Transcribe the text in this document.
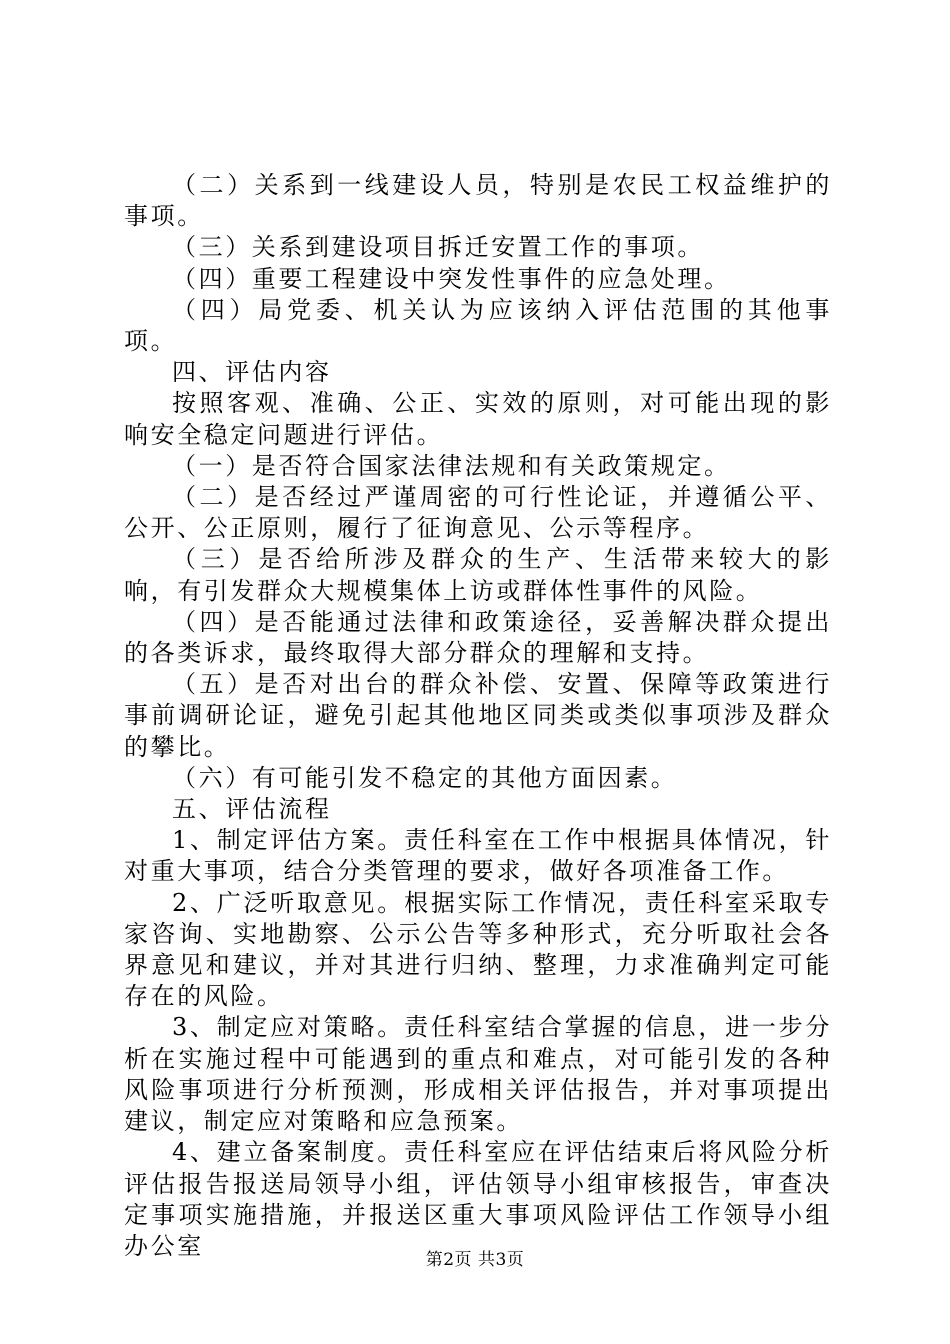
（二）关系到一线建设人员，特别是农民工权益维护的事项。

（三）关系到建设项目拆迁安置工作的事项。

（四）重要工程建设中突发性事件的应急处理。

（四）局党委、机关认为应该纳入评估范围的其他事项。

四、评估内容

按照客观、准确、公正、实效的原则，对可能出现的影响安全稳定问题进行评估。

（一）是否符合国家法律法规和有关政策规定。

（二）是否经过严谨周密的可行性论证，并遵循公平、公开、公正原则，履行了征询意见、公示等程序。

（三）是否给所涉及群众的生产、生活带来较大的影响，有引发群众大规模集体上访或群体性事件的风险。

（四）是否能通过法律和政策途径，妥善解决群众提出的各类诉求，最终取得大部分群众的理解和支持。

（五）是否对出台的群众补偿、安置、保障等政策进行事前调研论证，避免引起其他地区同类或类似事项涉及群众的攀比。

（六）有可能引发不稳定的其他方面因素。

五、评估流程

1、制定评估方案。责任科室在工作中根据具体情况，针对重大事项，结合分类管理的要求，做好各项准备工作。

2、广泛听取意见。根据实际工作情况，责任科室采取专家咨询、实地勘察、公示公告等多种形式，充分听取社会各界意见和建议，并对其进行归纳、整理，力求准确判定可能存在的风险。

3、制定应对策略。责任科室结合掌握的信息，进一步分析在实施过程中可能遇到的重点和难点，对可能引发的各种风险事项进行分析预测，形成相关评估报告，并对事项提出建议，制定应对策略和应急预案。

4、建立备案制度。责任科室应在评估结束后将风险分析评估报告报送局领导小组，评估领导小组审核报告，审查决定事项实施措施，并报送区重大事项风险评估工作领导小组办公室

第2页 共3页
